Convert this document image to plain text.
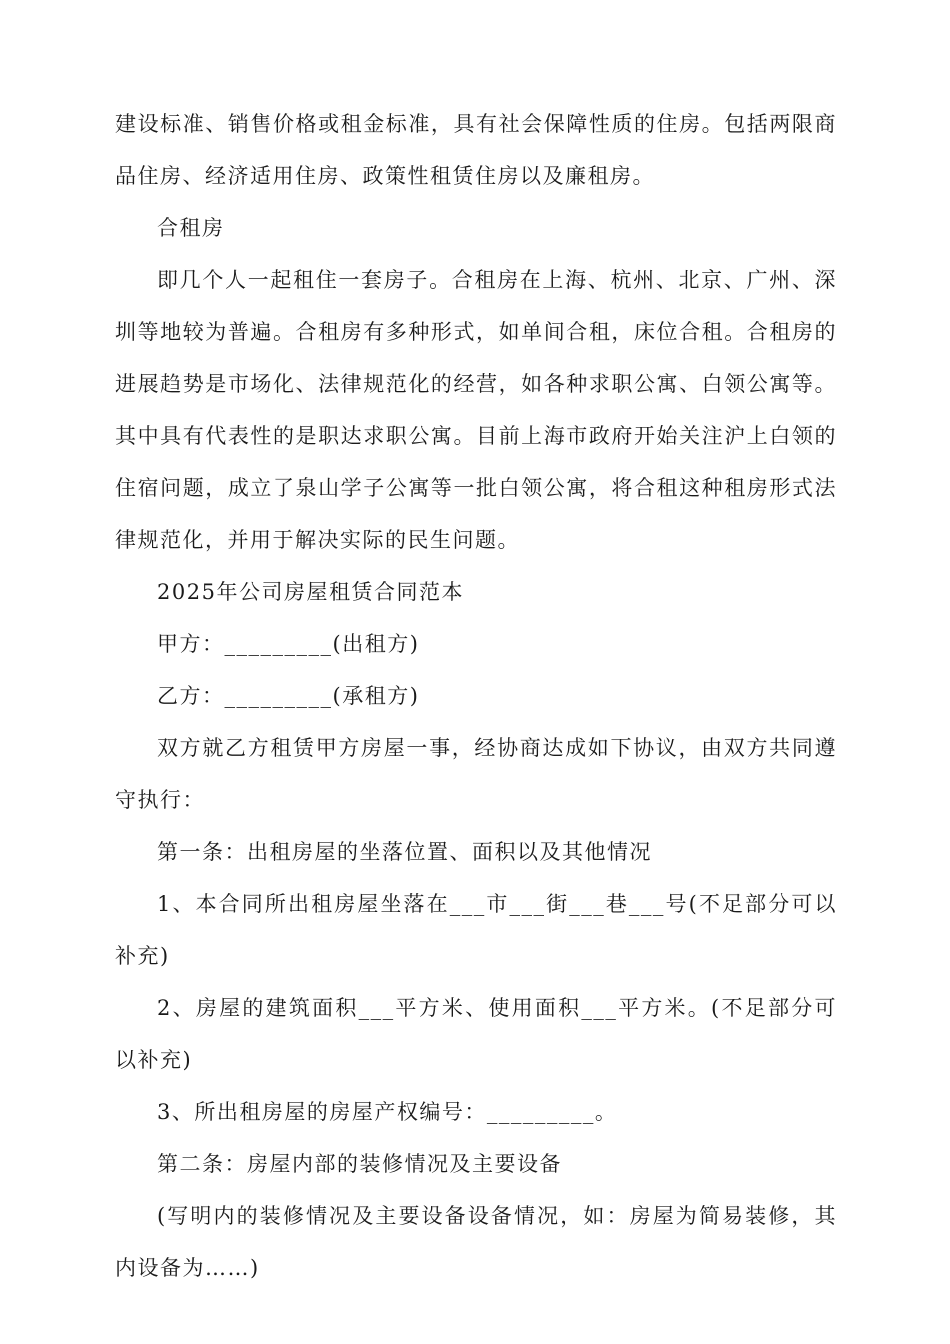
建设标准、销售价格或租金标准，具有社会保障性质的住房。包括两限商品住房、经济适用住房、政策性租赁住房以及廉租房。

合租房

即几个人一起租住一套房子。合租房在上海、杭州、北京、广州、深圳等地较为普遍。合租房有多种形式，如单间合租，床位合租。合租房的进展趋势是市场化、法律规范化的经营，如各种求职公寓、白领公寓等。其中具有代表性的是职达求职公寓。目前上海市政府开始关注沪上白领的住宿问题，成立了泉山学子公寓等一批白领公寓，将合租这种租房形式法律规范化，并用于解决实际的民生问题。

2025年公司房屋租赁合同范本

甲方：_________(出租方)

乙方：_________(承租方)

双方就乙方租赁甲方房屋一事，经协商达成如下协议，由双方共同遵守执行：

第一条：出租房屋的坐落位置、面积以及其他情况

1、本合同所出租房屋坐落在___市___街___巷___号(不足部分可以补充)

2、房屋的建筑面积___平方米、使用面积___平方米。(不足部分可以补充)

3、所出租房屋的房屋产权编号：_________。

第二条：房屋内部的装修情况及主要设备

(写明内的装修情况及主要设备设备情况，如：房屋为简易装修，其内设备为……)
